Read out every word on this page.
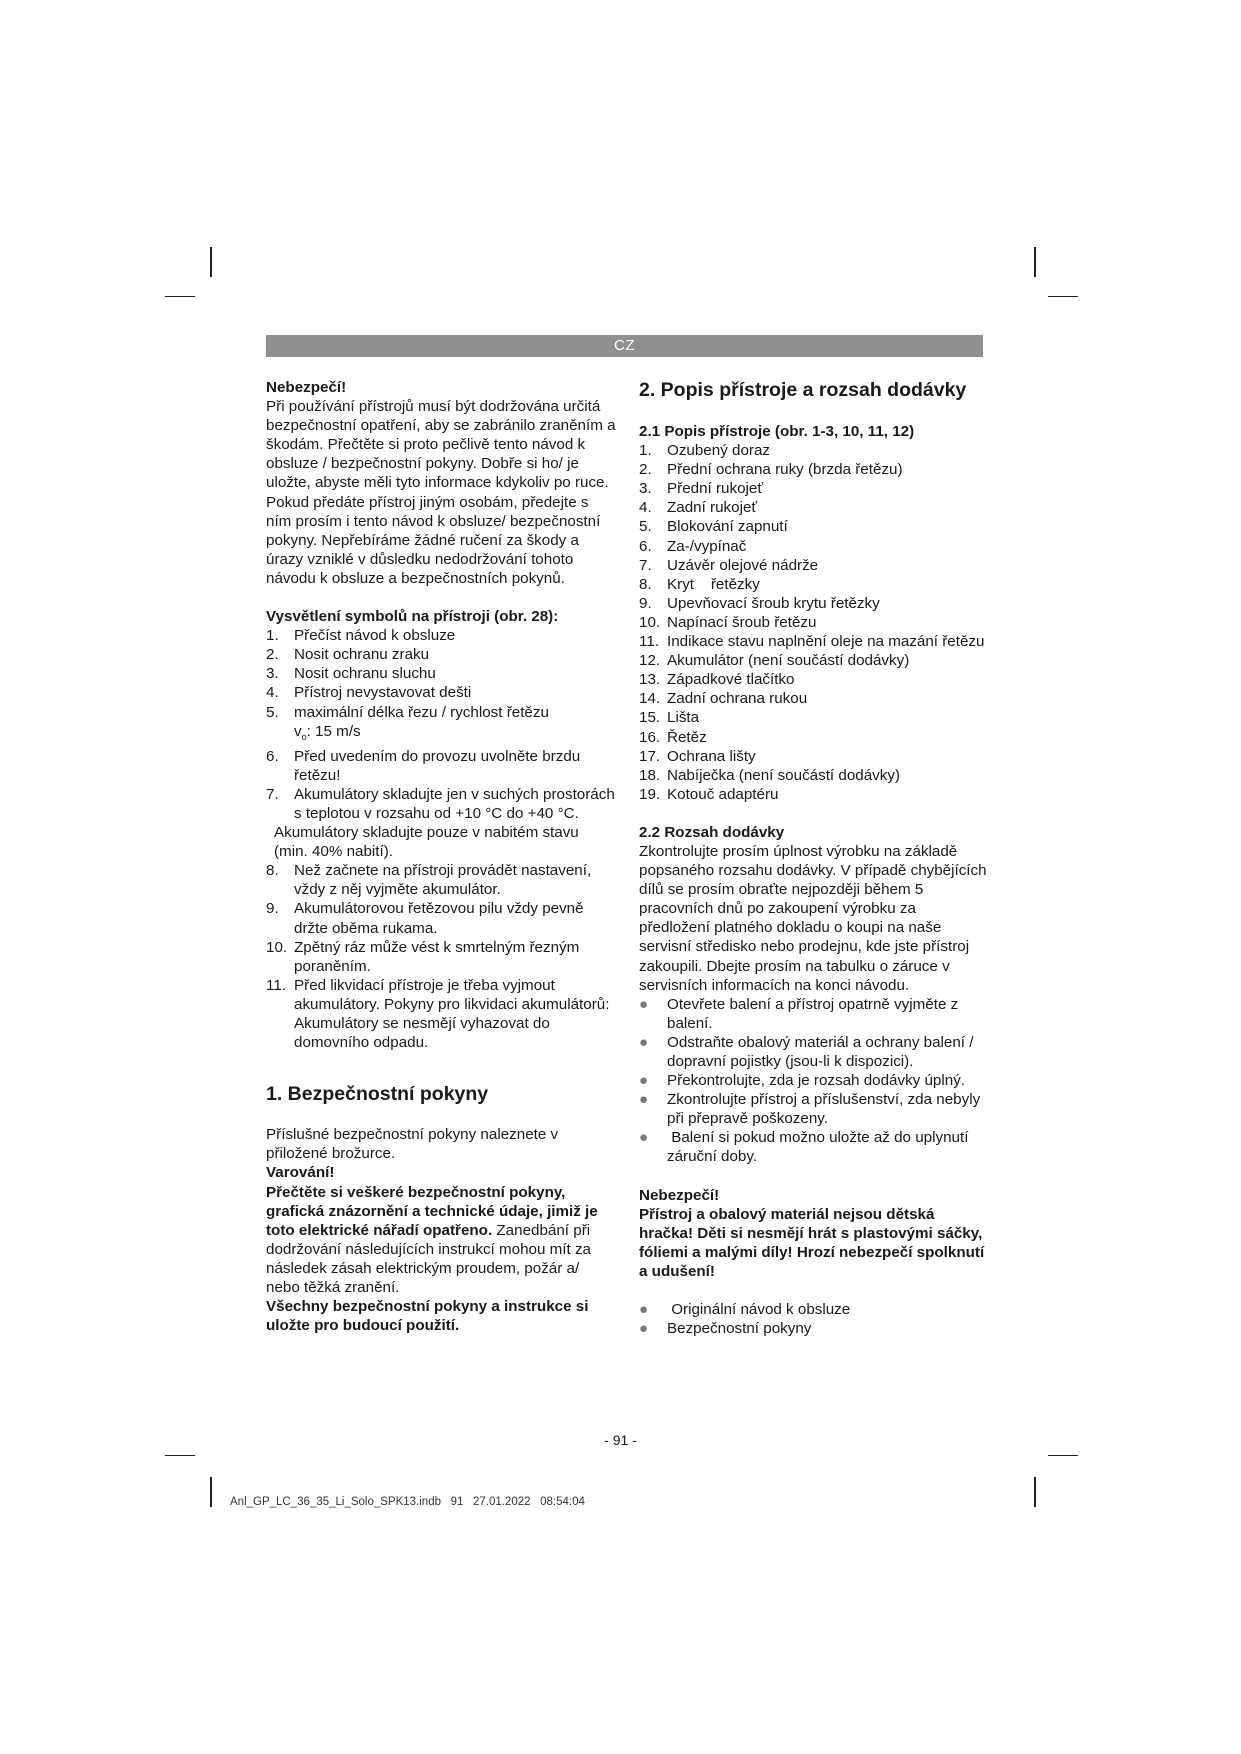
CZ

Nebezpečí!

Při používání přístrojů musí být dodržována určitá bezpečnostní opatření, aby se zabránilo zraněním a škodám. Přečtěte si proto pečlivě tento návod k obsluze / bezpečnostní pokyny. Dobře si ho/ je uložte, abyste měli tyto informace kdykoliv po ruce. Pokud předáte přístroj jiným osobám, předejte s ním prosím i tento návod k obsluze/ bezpečnostní pokyny. Nepřebíráme žádné ručení za škody a úrazy vzniklé v důsledku nedodržování tohoto návodu k obsluze a bezpečnostních pokynů.

Vysvětlení symbolů na přístroji (obr. 28):

1.	Přečíst návod k obsluze
2.	Nosit ochranu zraku
3.	Nosit ochranu sluchu
4.	Přístroj nevystavovat dešti
5.	maximální délka řezu / rychlost řetězu
$v_o$: 15 m/s
6.	Před uvedením do provozu uvolněte brzdu řetězu!
7.	Akumulátory skladujte jen v suchých prostorách s teplotou v rozsahu od +10 °C do +40 °C.

Akumulátory skladujte pouze v nabitém stavu (min. 40% nabití).

8.	Než začnete na přístroji provádět nastavení, vždy z něj vyjměte akumulátor.
9.	Akumulátorovou řetězovou pilu vždy pevně držte oběma rukama.
10. Zpětný ráz může vést k smrtelným řezným poraněním.
11. Před likvidací přístroje je třeba vyjmout akumulátory. Pokyny pro likvidaci akumulátorů: Akumulátory se nesmějí vyhazovat do domovního odpadu.

1. Bezpečnostní pokyny

Příslušné bezpečnostní pokyny naleznete v přiložené brožurce.

Varování!

Přečtěte si veškeré bezpečnostní pokyny, grafická znázornění a technické údaje, jimiž je toto elektrické nářadí opatřeno. Zanedbání při dodržování následujících instrukcí mohou mít za následek zásah elektrickým proudem, požár a/ nebo těžká zranění.

Všechny bezpečnostní pokyny a instrukce si uložte pro budoucí použití.

2. Popis přístroje a rozsah dodávky

2.1 Popis přístroje (obr. 1-3, 10, 11, 12)

1.	Ozubený doraz
2.	Přední ochrana ruky (brzda řetězu)
3.	Přední rukojeť
4.	Zadní rukojeť
5.	Blokování zapnutí
6.	Za-/vypínač
7.	Uzávěr olejové nádrže
8.	Kryt    řetězky
9.	Upevňovací šroub krytu řetězky
10. Napínací šroub řetězu
11. Indikace stavu naplnění oleje na mazání řetězu
12. Akumulátor (není součástí dodávky)
13. Západkové tlačítko
14. Zadní ochrana rukou
15. Lišta
16. Řetěz
17. Ochrana lišty
18. Nabíječka (není součástí dodávky)
19. Kotouč adaptéru

2.2 Rozsah dodávky

Zkontrolujte prosím úplnost výrobku na základě popsaného rozsahu dodávky. V případě chybějících dílů se prosím obraťte nejpozději během 5 pracovních dnů po zakoupení výrobku za předložení platného dokladu o koupi na naše servisní středisko nebo prodejnu, kde jste přístroj zakoupili. Dbejte prosím na tabulku o záruce v servisních informacích na konci návodu.

●	Otevřete balení a přístroj opatrně vyjměte z balení.
●	Odstraňte obalový materiál a ochrany balení / dopravní pojistky (jsou-li k dispozici).
●	Překontrolujte, zda je rozsah dodávky úplný.
●	Zkontrolujte přístroj a příslušenství, zda nebyly při přepravě poškozeny.
●	Balení si pokud možno uložte až do uplynutí záruční doby.

Nebezpečí!

Přístroj a obalový materiál nejsou dětská hračka! Děti si nesmějí hrát s plastovými sáčky, fóliemi a malými díly! Hrozí nebezpečí spolknutí a udušení!

●	Originální návod k obsluze
●	Bezpečnostní pokyny
- 91 -
Anl_GP_LC_36_35_Li_Solo_SPK13.indb   91   27.01.2022   08:54:04
